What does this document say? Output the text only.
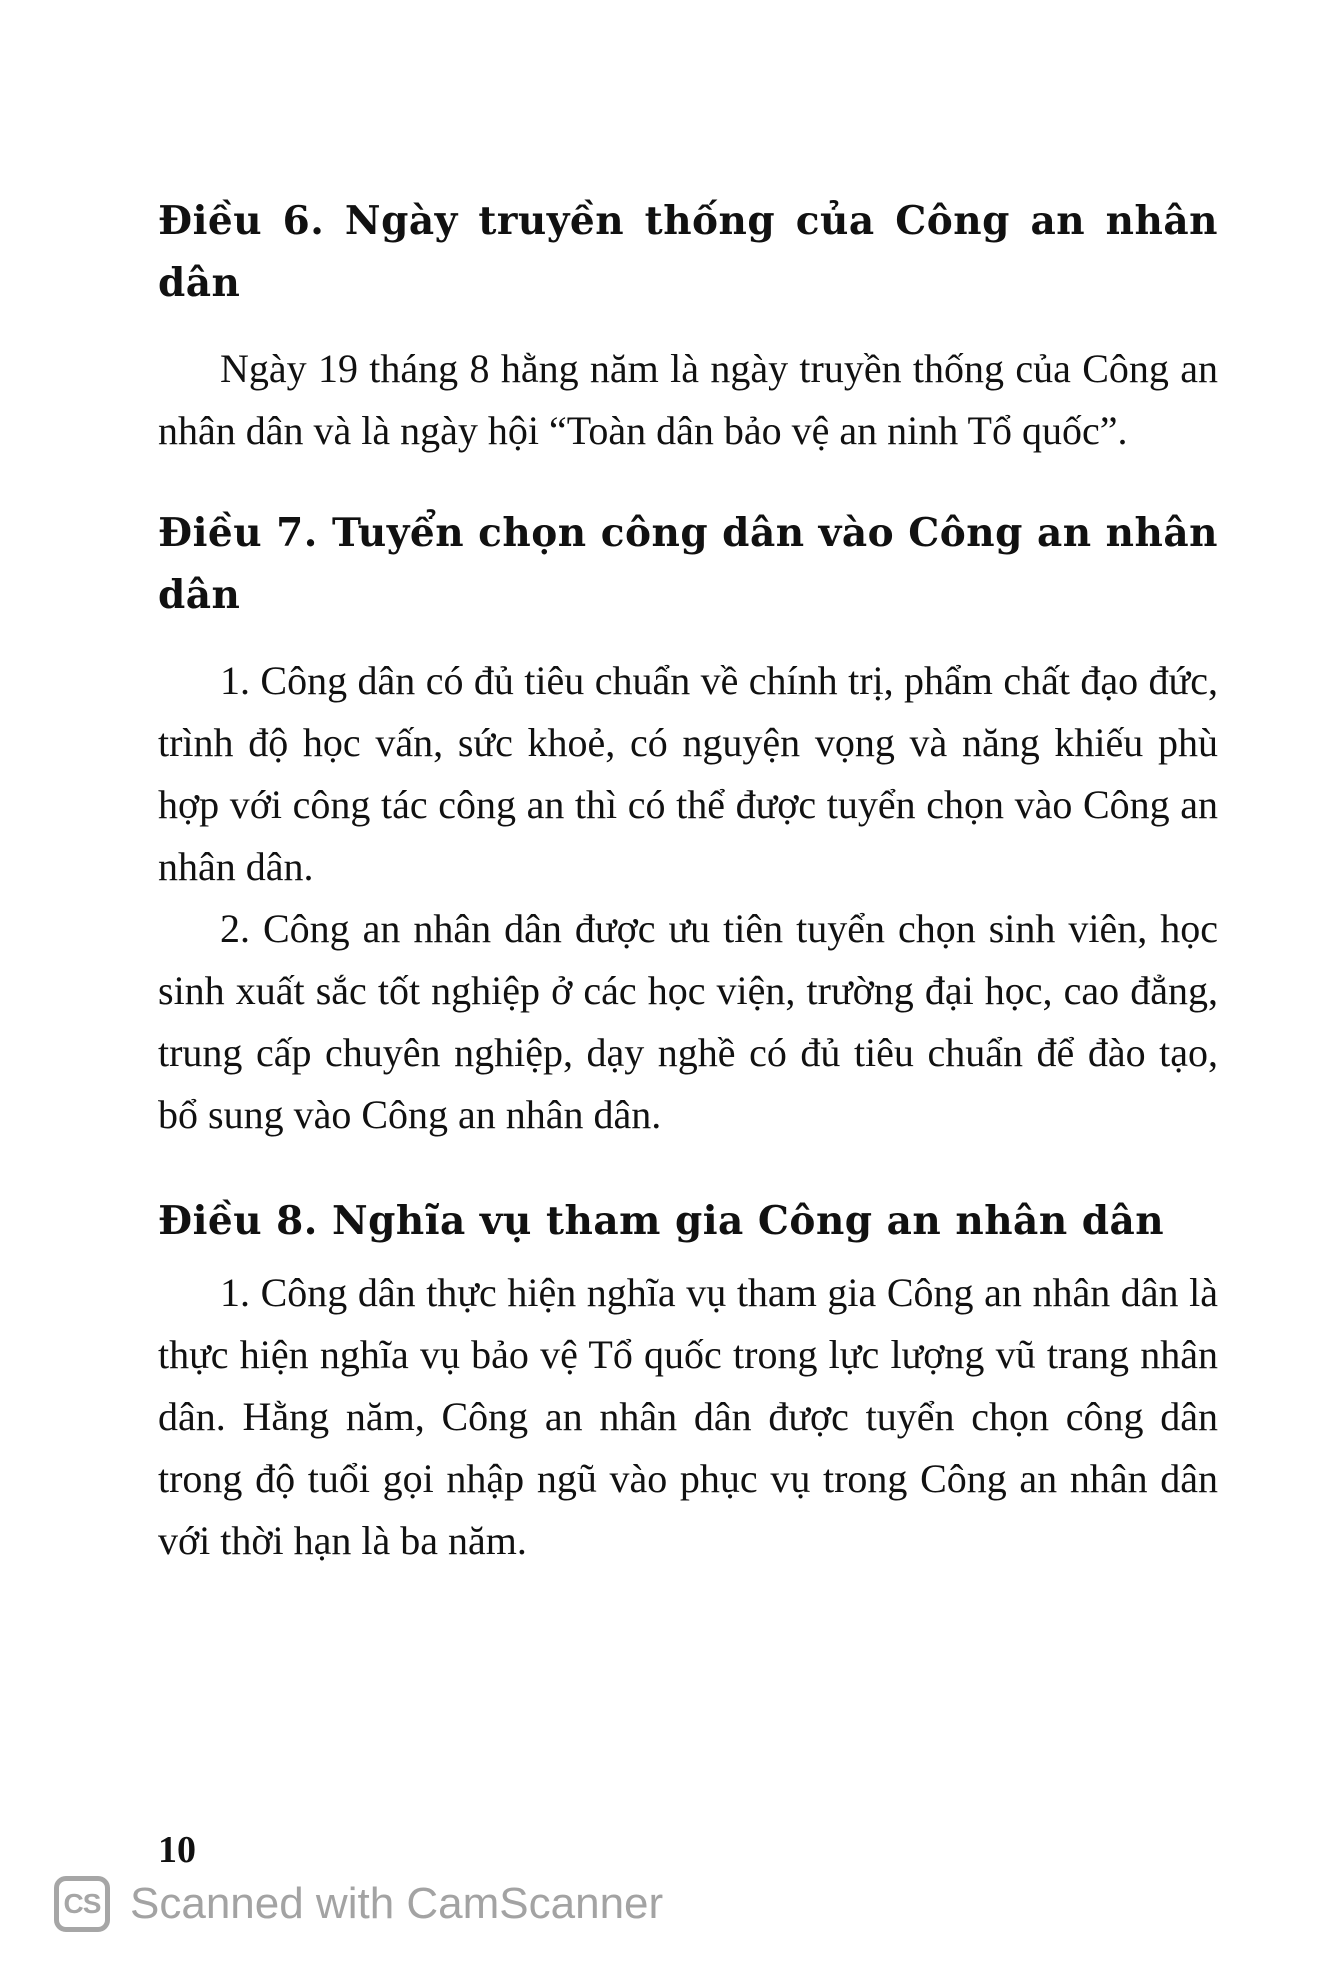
Điều 6. Ngày truyền thống của Công an nhân dân

Ngày 19 tháng 8 hằng năm là ngày truyền thống của Công an nhân dân và là ngày hội “Toàn dân bảo vệ an ninh Tổ quốc”.

Điều 7. Tuyển chọn công dân vào Công an nhân dân

1. Công dân có đủ tiêu chuẩn về chính trị, phẩm chất đạo đức, trình độ học vấn, sức khoẻ, có nguyện vọng và năng khiếu phù hợp với công tác công an thì có thể được tuyển chọn vào Công an nhân dân.

2. Công an nhân dân được ưu tiên tuyển chọn sinh viên, học sinh xuất sắc tốt nghiệp ở các học viện, trường đại học, cao đẳng, trung cấp chuyên nghiệp, dạy nghề có đủ tiêu chuẩn để đào tạo, bổ sung vào Công an nhân dân.

Điều 8. Nghĩa vụ tham gia Công an nhân dân

1. Công dân thực hiện nghĩa vụ tham gia Công an nhân dân là thực hiện nghĩa vụ bảo vệ Tổ quốc trong lực lượng vũ trang nhân dân. Hằng năm, Công an nhân dân được tuyển chọn công dân trong độ tuổi gọi nhập ngũ vào phục vụ trong Công an nhân dân với thời hạn là ba năm.

10
CS Scanned with CamScanner
